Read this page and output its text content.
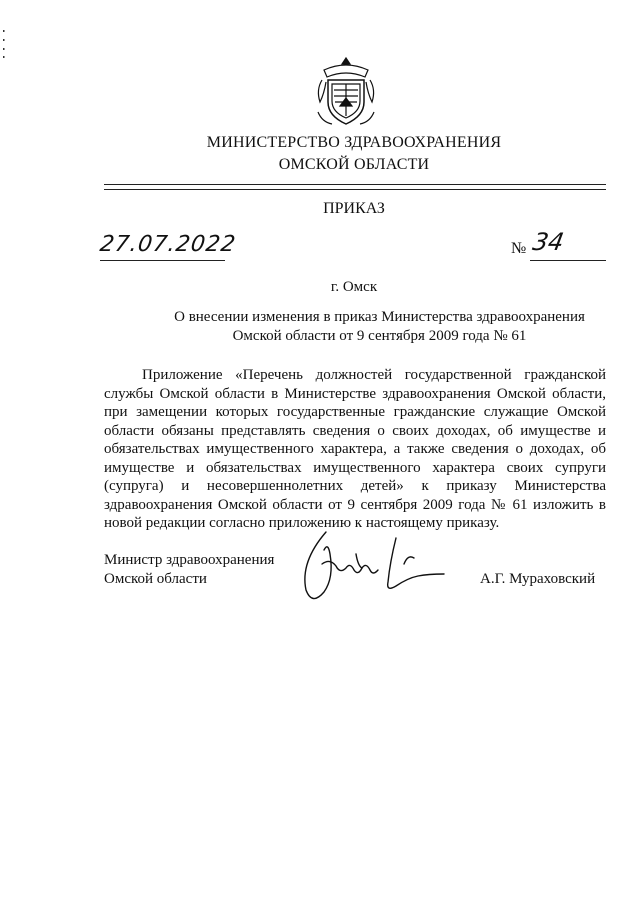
МИНИСТЕРСТВО ЗДРАВООХРАНЕНИЯ
ОМСКОЙ ОБЛАСТИ
ПРИКАЗ
27.07.2022	№ 34
г. Омск
О внесении изменения в приказ Министерства здравоохранения
Омской области от 9 сентября 2009 года № 61
Приложение «Перечень должностей государственной гражданской службы Омской области в Министерстве здравоохранения Омской области, при замещении которых государственные гражданские служащие Омской области обязаны представлять сведения о своих доходах, об имуществе и обязательствах имущественного характера, а также сведения о доходах, об имуществе и обязательствах имущественного характера своих супруги (супруга) и несовершеннолетних детей» к приказу Министерства здравоохранения Омской области от 9 сентября 2009 года № 61 изложить в новой редакции согласно приложению к настоящему приказу.
Министр здравоохранения
Омской области	А.Г. Мураховский
